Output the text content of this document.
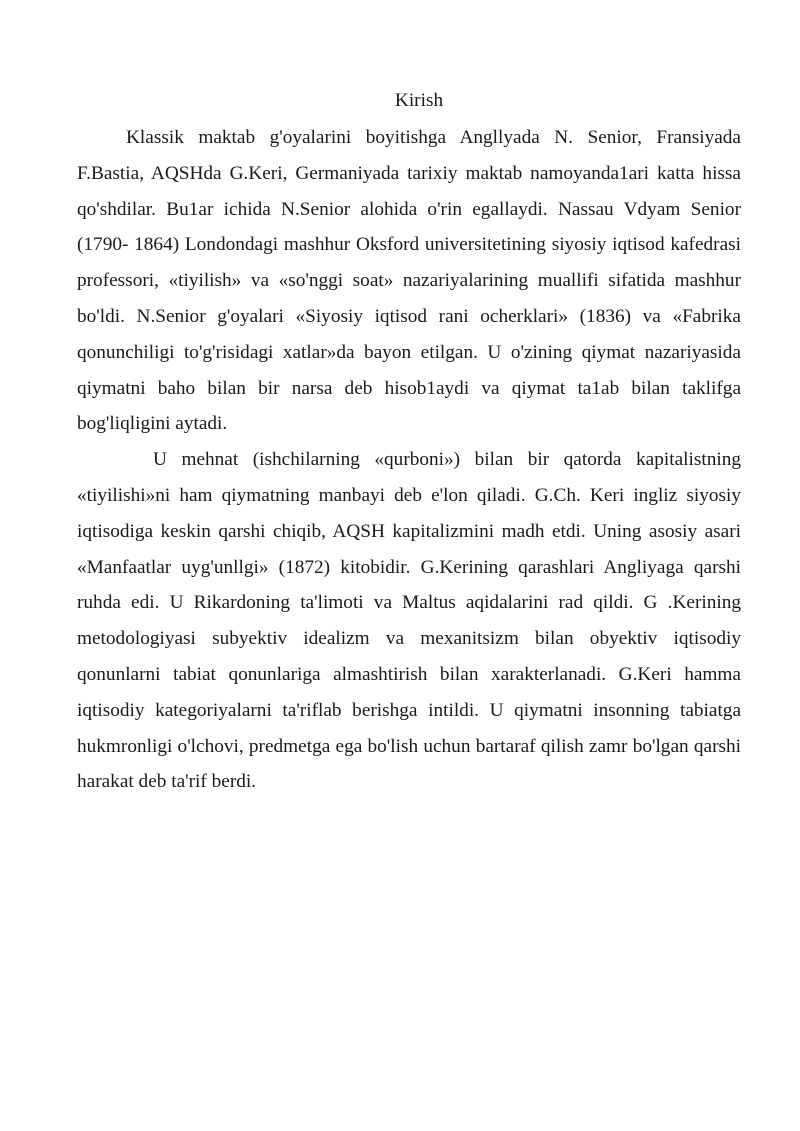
Kirish

Klassik maktab g'oyalarini boyitishga Angllyada N. Senior, Fransiyada F.Bastia, AQSHda G.Keri, Germaniyada tarixiy maktab namoyanda1ari katta hissa qo'shdilar. Bu1ar ichida N.Senior alohida o'rin egallaydi. Nassau Vdyam Senior (1790- 1864) Londondagi mashhur Oksford universitetining siyosiy iqtisod kafedrasi professori, «tiyilish» va «so'nggi soat» nazariyalarining muallifi sifatida mashhur bo'ldi. N.Senior g'oyalari «Siyosiy iqtisod rani ocherklari» (1836) va «Fabrika qonunchiligi to'g'risidagi xatlar»da bayon etilgan. U o'zining qiymat nazariyasida qiymatni baho bilan bir narsa deb hisob1aydi va qiymat ta1ab bilan taklifga bog'liqligini aytadi.

U mehnat (ishchilarning «qurboni») bilan bir qatorda kapitalistning «tiyilishi»ni ham qiymatning manbayi deb e'lon qiladi. G.Ch. Keri ingliz siyosiy iqtisodiga keskin qarshi chiqib, AQSH kapitalizmini madh etdi. Uning asosiy asari «Manfaatlar uyg'unllgi» (1872) kitobidir. G.Kerining qarashlari Angliyaga qarshi ruhda edi. U Rikardoning ta'limoti va Maltus aqidalarini rad qildi. G .Kerining metodologiyasi subyektiv idealizm va mexanitsizm bilan obyektiv iqtisodiy qonunlarni tabiat qonunlariga almashtirish bilan xarakterlanadi. G.Keri hamma iqtisodiy kategoriyalarni ta'riflab berishga intildi. U qiymatni insonning tabiatga hukmronligi o'lchovi, predmetga ega bo'lish uchun bartaraf qilish zamr bo'lgan qarshi harakat deb ta'rif berdi.
